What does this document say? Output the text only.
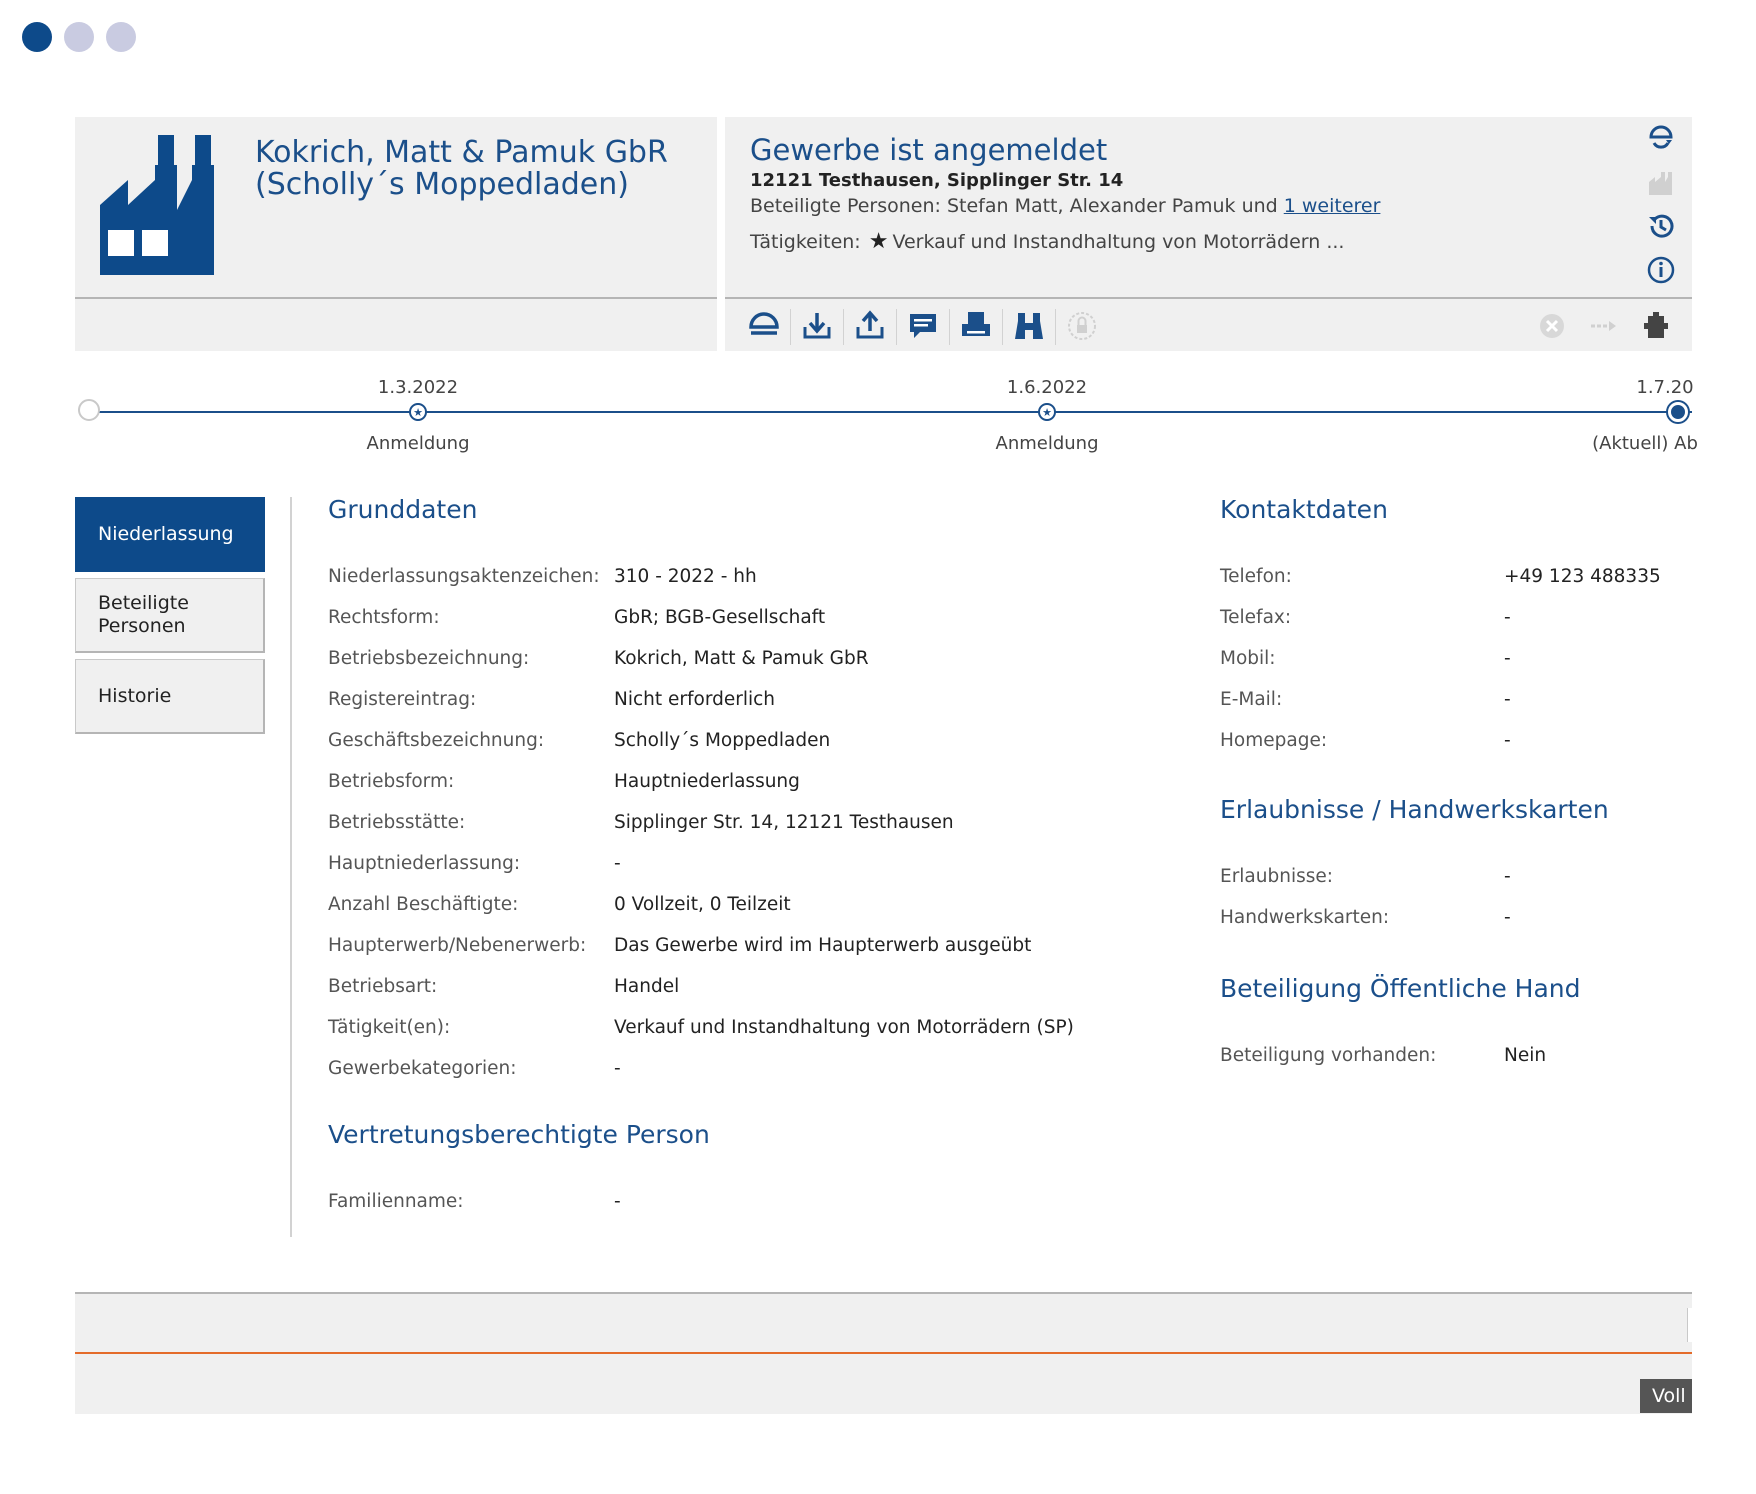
Kokrich, Matt & Pamuk GbR
(Scholly´s Moppedladen)
Gewerbe ist angemeldet
12121 Testhausen, Sipplinger Str. 14
Beteiligte Personen: Stefan Matt, Alexander Pamuk und 1 weiterer
Tätigkeiten: ★ Verkauf und Instandhaltung von Motorrädern ...
1.3.2022
★
Anmeldung
1.6.2022
★
Anmeldung
1.7.20
(Aktuell) Ab
Niederlassung
Beteiligte Personen
Historie
Grunddaten
Niederlassungsaktenzeichen: 310 - 2022 - hh
Rechtsform:	GbR; BGB-Gesellschaft
Betriebsbezeichnung:	Kokrich, Matt & Pamuk GbR
Registereintrag:	Nicht erforderlich
Geschäftsbezeichnung:	Scholly´s Moppedladen
Betriebsform:	Hauptniederlassung
Betriebsstätte:	Sipplinger Str. 14, 12121 Testhausen
Hauptniederlassung:	-
Anzahl Beschäftigte:	0 Vollzeit, 0 Teilzeit
Haupterwerb/Nebenerwerb: Das Gewerbe wird im Haupterwerb ausgeübt
Betriebsart:	Handel
Tätigkeit(en):	Verkauf und Instandhaltung von Motorrädern (SP)
Gewerbekategorien:	-
Vertretungsberechtigte Person
Familienname:	-
Kontaktdaten
Telefon:	+49 123 488335
Telefax:	-
Mobil:	-
E-Mail:	-
Homepage:	-
Erlaubnisse / Handwerkskarten
Erlaubnisse:	-
Handwerkskarten:	-
Beteiligung Öffentliche Hand
Beteiligung vorhanden:	Nein
Voll
